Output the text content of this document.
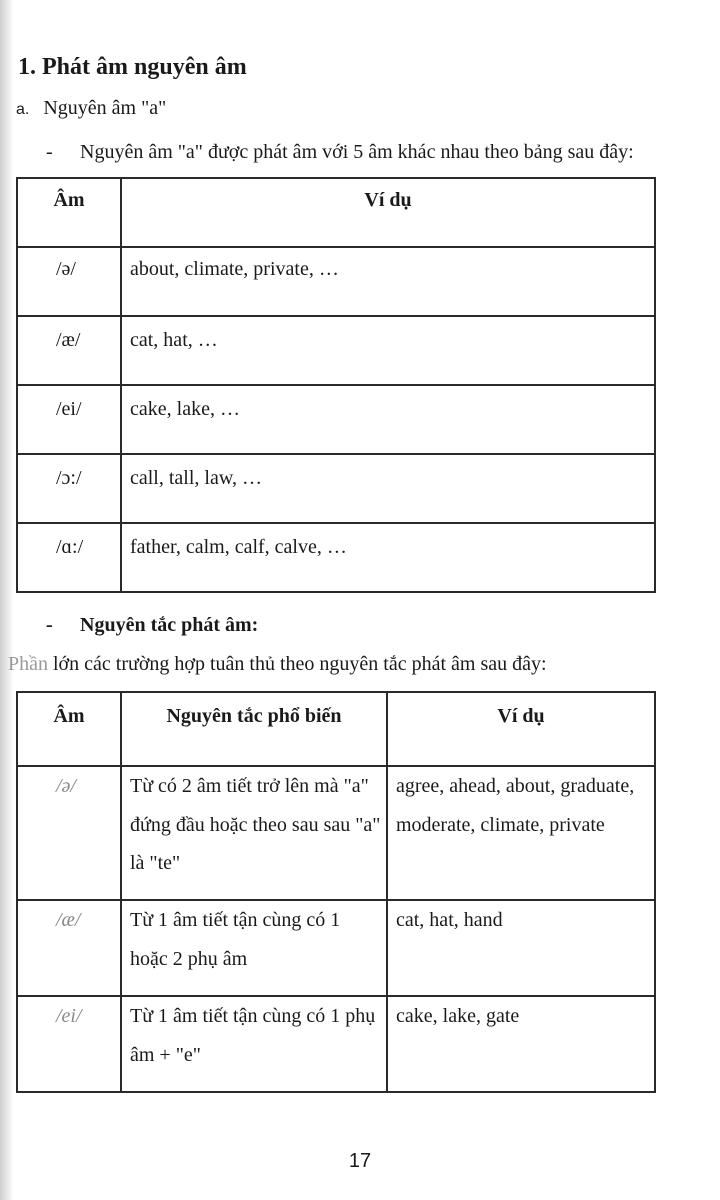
1. Phát âm nguyên âm
a. Nguyên âm "a"
- Nguyên âm "a" được phát âm với 5 âm khác nhau theo bảng sau đây:
Âm	Ví dụ
/ə/	about, climate, private, …
/æ/	cat, hat, …
/ei/	cake, lake, …
/ɔ:/	call, tall, law, …
/ɑ:/	father, calm, calf, calve, …
- Nguyên tắc phát âm:
Phần lớn các trường hợp tuân thủ theo nguyên tắc phát âm sau đây:
Âm	Nguyên tắc phổ biến	Ví dụ
/ə/	Từ có 2 âm tiết trở lên mà "a" đứng đầu hoặc theo sau sau "a" là "te"	agree, ahead, about, graduate, moderate, climate, private
/æ/	Từ 1 âm tiết tận cùng có 1 hoặc 2 phụ âm	cat, hat, hand
/ei/	Từ 1 âm tiết tận cùng có 1 phụ âm + "e"	cake, lake, gate
17
